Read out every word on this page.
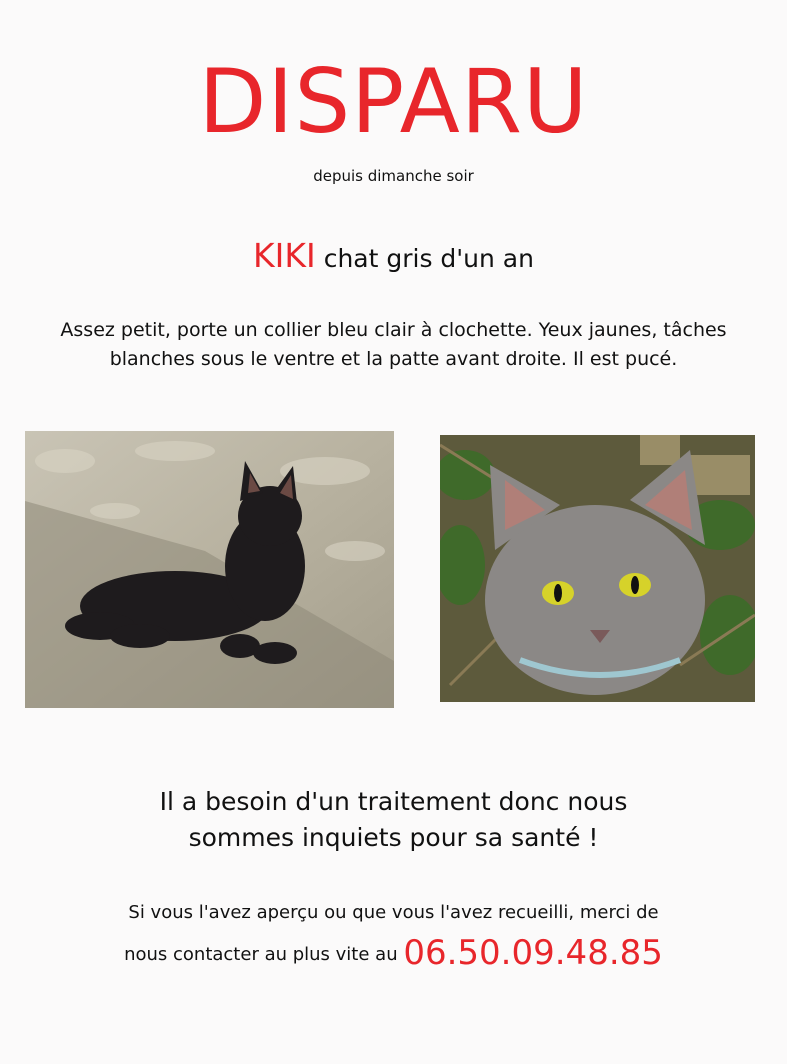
DISPARU
depuis dimanche soir
KIKI chat gris d'un an
Assez petit, porte un collier bleu clair à clochette. Yeux jaunes, tâches blanches sous le ventre et la patte avant droite. Il est pucé.
Il a besoin d'un traitement donc nous
sommes inquiets pour sa santé !
Si vous l'avez aperçu ou que vous l'avez recueilli, merci de
nous contacter au plus vite au 06.50.09.48.85
